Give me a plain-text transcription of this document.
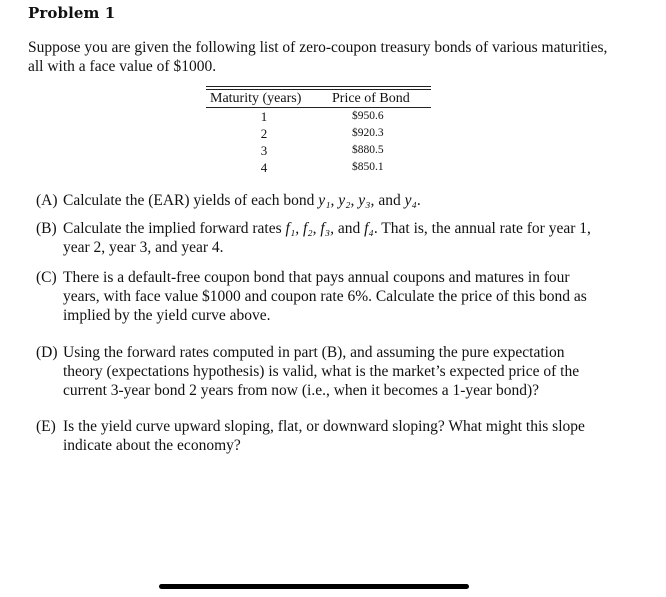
Problem 1
Suppose you are given the following list of zero-coupon treasury bonds of various maturities, all with a face value of $1000.
Maturity (years)	Price of Bond
1	$950.6
2	$920.3
3	$880.5
4	$850.1
(A) Calculate the (EAR) yields of each bond y₁, y₂, y₃, and y₄.
(B) Calculate the implied forward rates f₁, f₂, f₃, and f₄. That is, the annual rate for year 1, year 2, year 3, and year 4.
(C) There is a default-free coupon bond that pays annual coupons and matures in four years, with face value $1000 and coupon rate 6%. Calculate the price of this bond as implied by the yield curve above.
(D) Using the forward rates computed in part (B), and assuming the pure expectation theory (expectations hypothesis) is valid, what is the market’s expected price of the current 3-year bond 2 years from now (i.e., when it becomes a 1-year bond)?
(E) Is the yield curve upward sloping, flat, or downward sloping? What might this slope indicate about the economy?
